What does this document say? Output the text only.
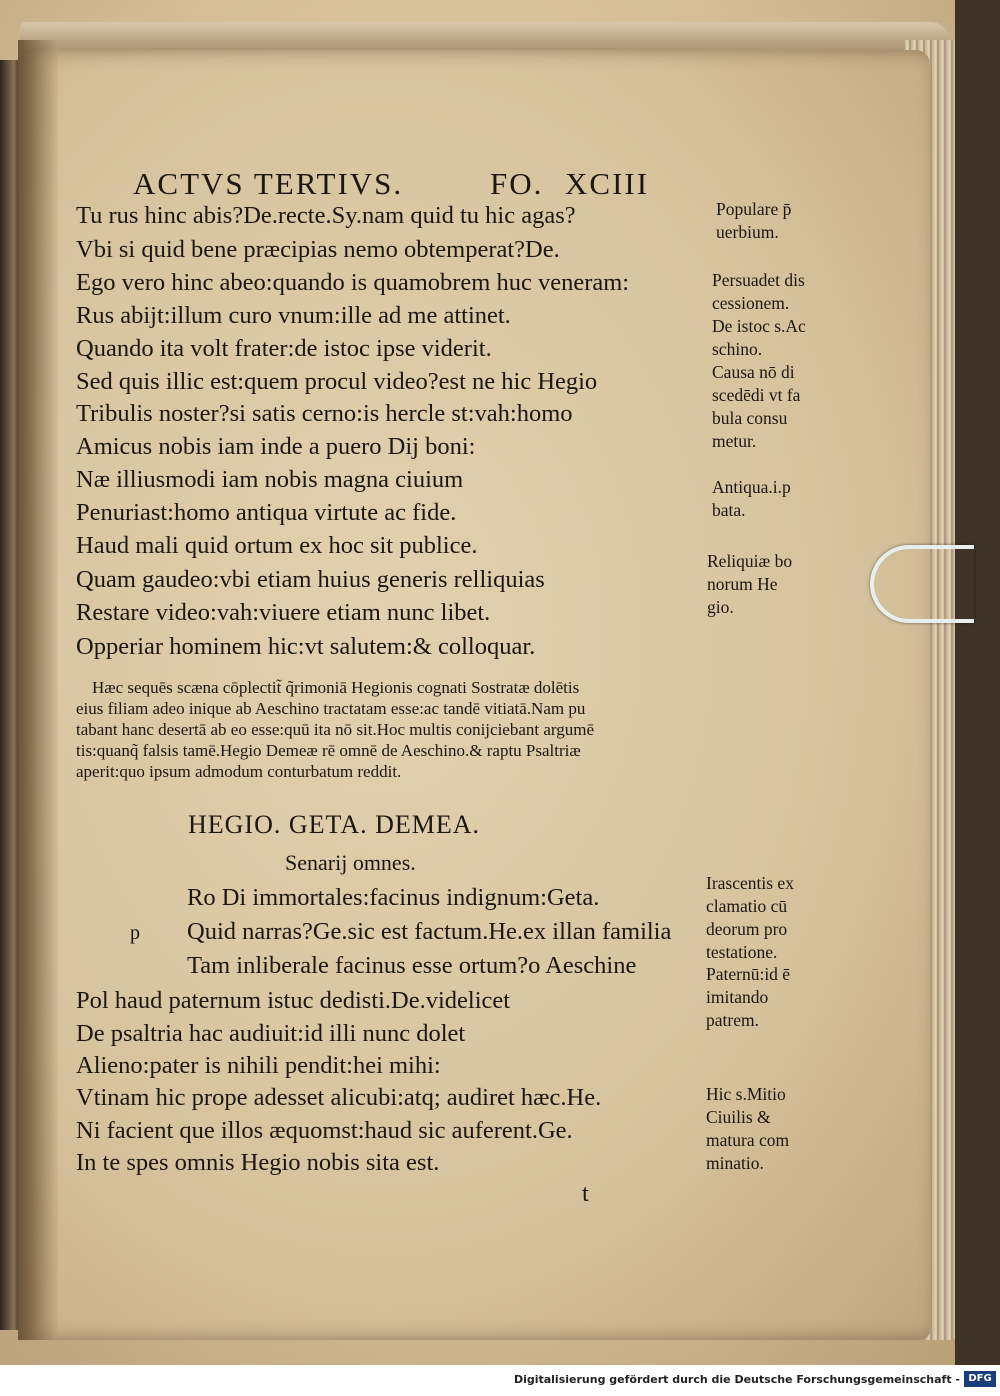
ACTVS TERTIVS.	FO. XCIII
Tu rus hinc abis?De.recte.Sy.nam quid tu hic agas?
Vbi si quid bene præcipias nemo obtemperat?De.
Ego vero hinc abeo:quando is quamobrem huc veneram:
Rus abijt:illum curo vnum:ille ad me attinet.
Quando ita volt frater:de istoc ipse viderit.
Sed quis illic est:quem procul video?est ne hic Hegio
Tribulis noster?si satis cerno:is hercle st:vah:homo
Amicus nobis iam inde a puero Dij boni:
Næ illiusmodi iam nobis magna ciuium
Penuriast:homo antiqua virtute ac fide.
Haud mali quid ortum ex hoc sit publice.
Quam gaudeo:vbi etiam huius generis relliquias
Restare video:vah:viuere etiam nunc libet.
Opperiar hominem hic:vt salutem:& colloquar.
Hæc sequēs scæna cōplectit̃ q̃rimoniā Hegionis cognati Sostratæ dolētis
eius filiam adeo inique ab Aeschino tractatam esse:ac tandē vitiatā.Nam pu
tabant hanc desertā ab eo esse:quū ita nō sit.Hoc multis conijciebant argumē
tis:quanq̃ falsis tamē.Hegio Demeæ rē omnē de Aeschino.& raptu Psaltriæ
aperit:quo ipsum admodum conturbatum reddit.
HEGIO. GETA. DEMEA.
Senarij omnes.
p
Ro Di immortales:facinus indignum:Geta.
Quid narras?Ge.sic est factum.He.ex illan familia
Tam inliberale facinus esse ortum?o Aeschine
Pol haud paternum istuc dedisti.De.videlicet
De psaltria hac audiuit:id illi nunc dolet
Alieno:pater is nihili pendit:hei mihi:
Vtinam hic prope adesset alicubi:atq; audiret hæc.He.
Ni facient que illos æquomst:haud sic auferent.Ge.
In te spes omnis Hegio nobis sita est.
Populare p̄
uerbium.
Persuadet dis
cessionem.
De istoc s.Ac
schino.
Causa nō di
scedēdi vt fa
bula consu
metur.
Antiqua.i.p
bata.
Reliquiæ bo
norum He
gio.
Irascentis ex
clamatio cū
deorum pro
testatione.
Paternū:id ē
imitando
patrem.
Hic s.Mitio
Ciuilis &
matura com
minatio.
t
Digitalisierung gefördert durch die Deutsche Forschungsgemeinschaft - DFG
